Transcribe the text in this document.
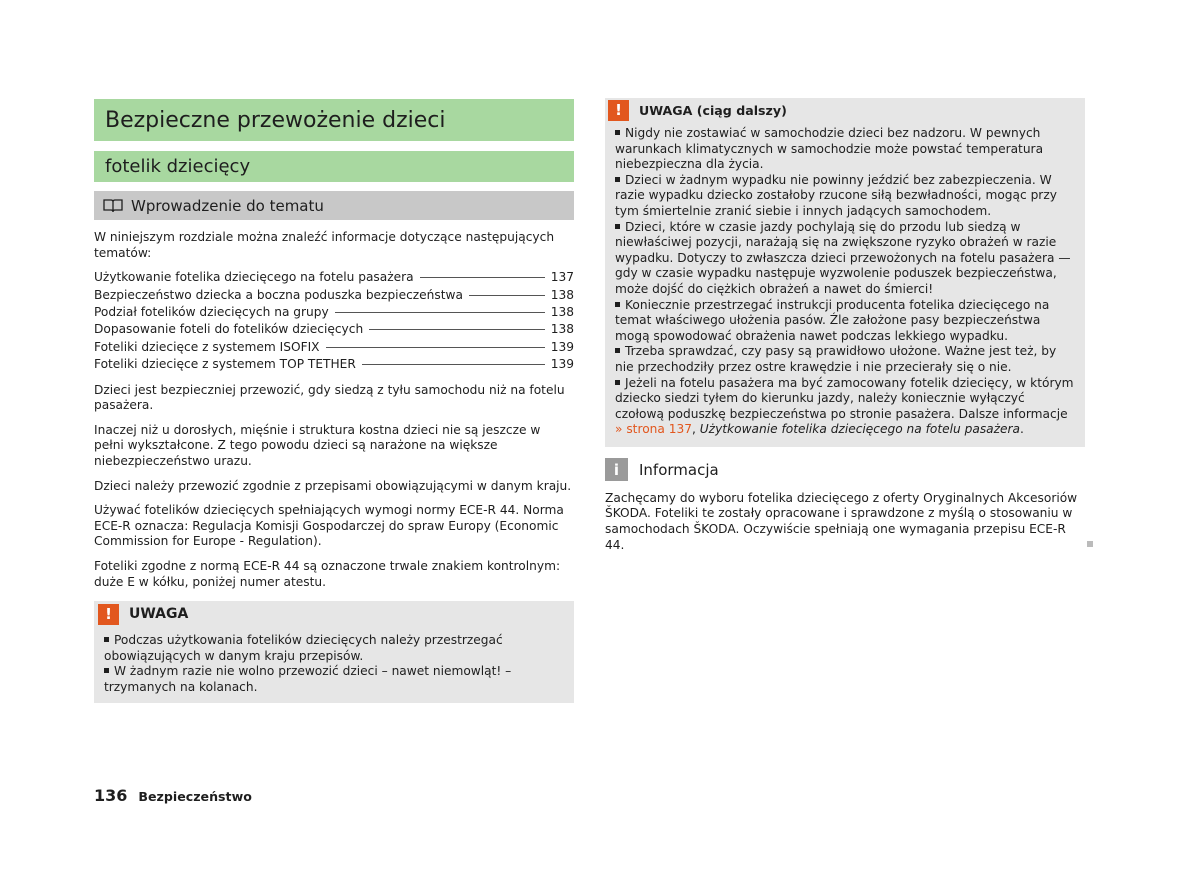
Bezpieczne przewożenie dzieci
fotelik dziecięcy
Wprowadzenie do tematu

W niniejszym rozdziale można znaleźć informacje dotyczące następujących tematów:

Użytkowanie fotelika dziecięcego na fotelu pasażera	137
Bezpieczeństwo dziecka a boczna poduszka bezpieczeństwa	138
Podział fotelików dziecięcych na grupy	138
Dopasowanie foteli do fotelików dziecięcych	138
Foteliki dziecięce z systemem ISOFIX	139
Foteliki dziecięce z systemem TOP TETHER	139

Dzieci jest bezpieczniej przewozić, gdy siedzą z tyłu samochodu niż na fotelu pasażera.

Inaczej niż u dorosłych, mięśnie i struktura kostna dzieci nie są jeszcze w pełni wykształcone. Z tego powodu dzieci są narażone na większe niebezpieczeństwo urazu.

Dzieci należy przewozić zgodnie z przepisami obowiązującymi w danym kraju.

Używać fotelików dziecięcych spełniających wymogi normy ECE-R 44. Norma ECE-R oznacza: Regulacja Komisji Gospodarczej do spraw Europy (Economic Commission for Europe - Regulation).

Foteliki zgodne z normą ECE-R 44 są oznaczone trwale znakiem kontrolnym: duże E w kółku, poniżej numer atestu.

!	UWAGA
Podczas użytkowania fotelików dziecięcych należy przestrzegać obowiązujących w danym kraju przepisów.
W żadnym razie nie wolno przewozić dzieci – nawet niemowląt! – trzymanych na kolanach.
!	UWAGA (ciąg dalszy)
Nigdy nie zostawiać w samochodzie dzieci bez nadzoru. W pewnych warunkach klimatycznych w samochodzie może powstać temperatura niebezpieczna dla życia.
Dzieci w żadnym wypadku nie powinny jeździć bez zabezpieczenia. W razie wypadku dziecko zostałoby rzucone siłą bezwładności, mogąc przy tym śmiertelnie zranić siebie i innych jadących samochodem.
Dzieci, które w czasie jazdy pochylają się do przodu lub siedzą w niewłaściwej pozycji, narażają się na zwiększone ryzyko obrażeń w razie wypadku. Dotyczy to zwłaszcza dzieci przewożonych na fotelu pasażera — gdy w czasie wypadku następuje wyzwolenie poduszek bezpieczeństwa, może dojść do ciężkich obrażeń a nawet do śmierci!
Koniecznie przestrzegać instrukcji producenta fotelika dziecięcego na temat właściwego ułożenia pasów. Źle założone pasy bezpieczeństwa mogą spowodować obrażenia nawet podczas lekkiego wypadku.
Trzeba sprawdzać, czy pasy są prawidłowo ułożone. Ważne jest też, by nie przechodziły przez ostre krawędzie i nie przecierały się o nie.
Jeżeli na fotelu pasażera ma być zamocowany fotelik dziecięcy, w którym dziecko siedzi tyłem do kierunku jazdy, należy koniecznie wyłączyć czołową poduszkę bezpieczeństwa po stronie pasażera. Dalsze informacje » strona 137, Użytkowanie fotelika dziecięcego na fotelu pasażera.
i	Informacja

Zachęcamy do wyboru fotelika dziecięcego z oferty Oryginalnych Akcesoriów ŠKODA. Foteliki te zostały opracowane i sprawdzone z myślą o stosowaniu w samochodach ŠKODA. Oczywiście spełniają one wymagania przepisu ECE-R 44.

136 Bezpieczeństwo
